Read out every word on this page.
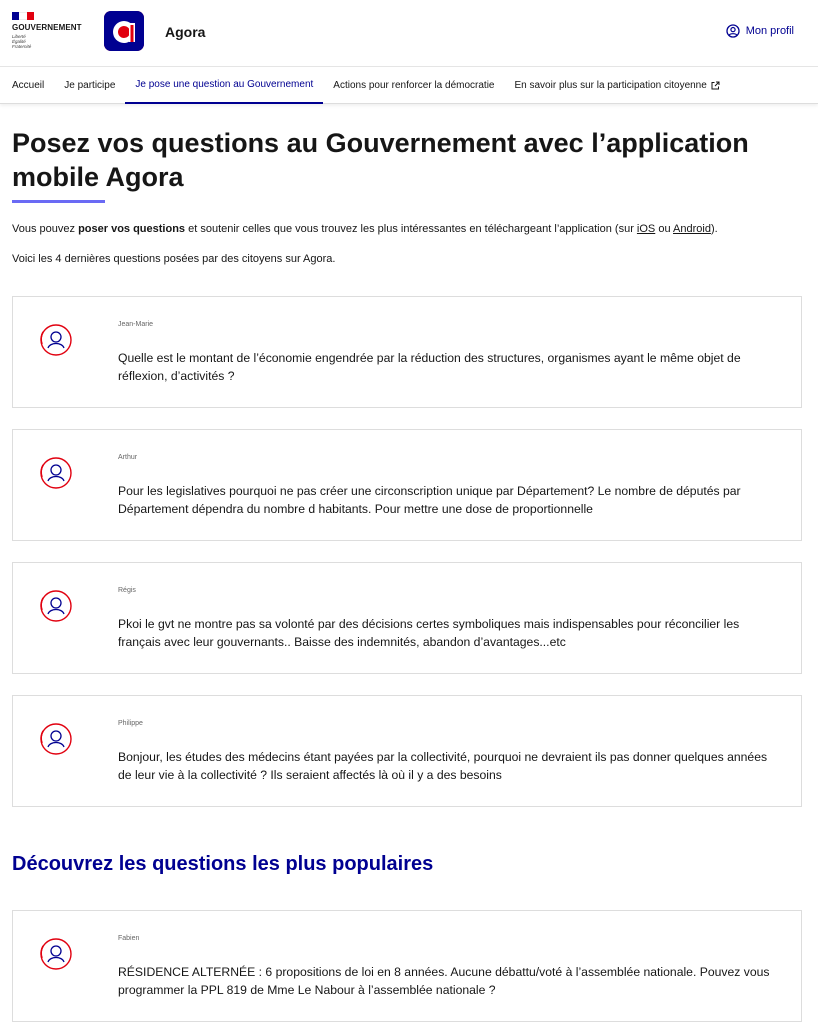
GOUVERNEMENT
Liberté
Égalité
Fraternité
Agora	Mon profil
Accueil	Je participe	Je pose une question au Gouvernement	Actions pour renforcer la démocratie	En savoir plus sur la participation citoyenne
Posez vos questions au Gouvernement avec l’application mobile Agora

Vous pouvez poser vos questions et soutenir celles que vous trouvez les plus intéressantes en téléchargeant l’application (sur iOS ou Android).

Voici les 4 dernières questions posées par des citoyens sur Agora.

Jean-Marie
Quelle est le montant de l’économie engendrée par la réduction des structures, organismes ayant le même objet de réflexion, d’activités ?
Arthur
Pour les legislatives pourquoi ne pas créer une circonscription unique par Département? Le nombre de députés par Département dépendra du nombre d habitants. Pour mettre une dose de proportionnelle
Régis
Pkoi le gvt ne montre pas sa volonté par des décisions certes symboliques mais indispensables pour réconcilier les français avec leur gouvernants.. Baisse des indemnités, abandon d’avantages...etc
Philippe
Bonjour, les études des médecins étant payées par la collectivité, pourquoi ne devraient ils pas donner quelques années de leur vie à la collectivité ? Ils seraient affectés là où il y a des besoins
Découvrez les questions les plus populaires
Fabien
RÉSIDENCE ALTERNÉE : 6 propositions de loi en 8 années. Aucune débattu/voté à l’assemblée nationale. Pouvez vous programmer la PPL 819 de Mme Le Nabour à l’assemblée nationale ?
